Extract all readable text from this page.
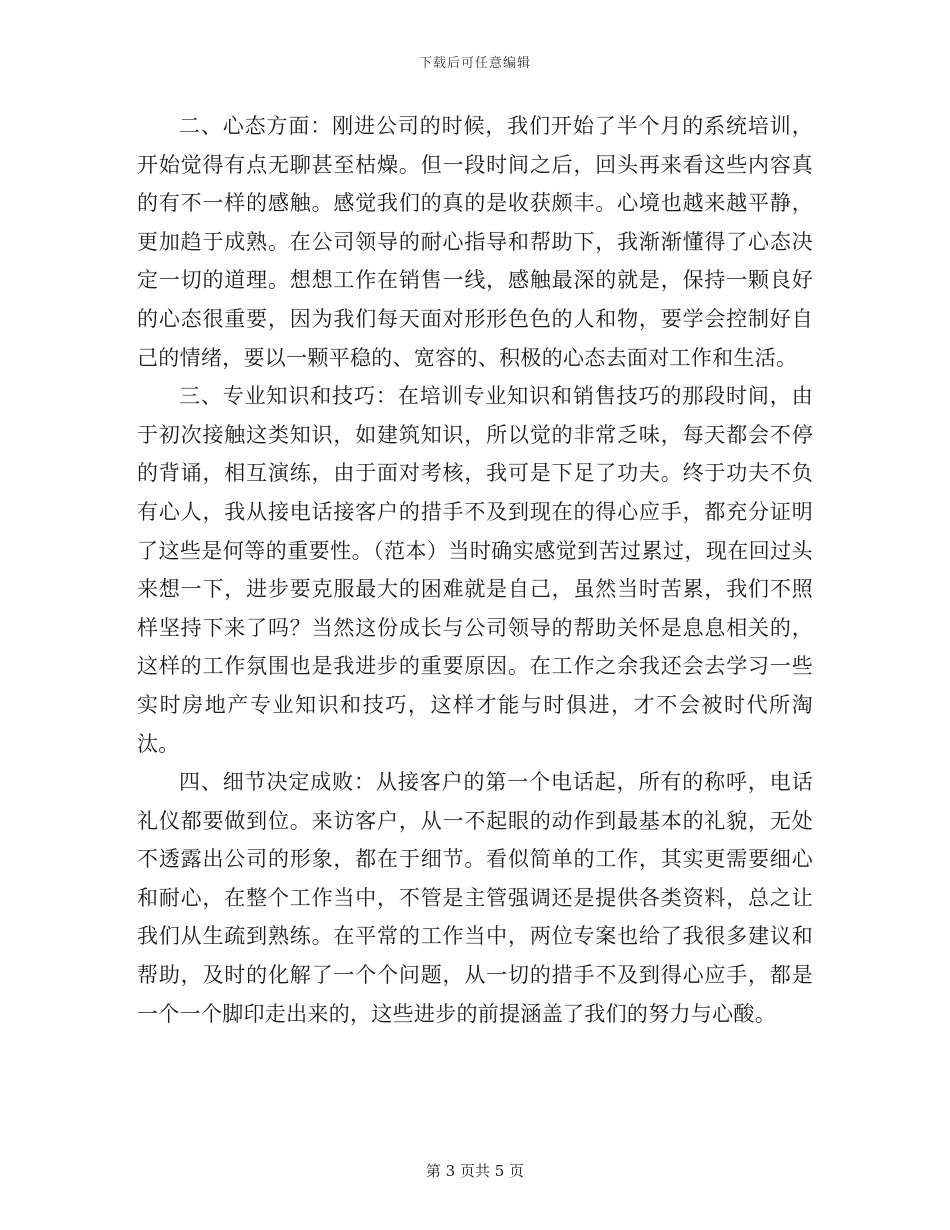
下载后可任意编辑

二、心态方面：刚进公司的时候，我们开始了半个月的系统培训，开始觉得有点无聊甚至枯燥。但一段时间之后，回头再来看这些内容真的有不一样的感触。感觉我们的真的是收获颇丰。心境也越来越平静，更加趋于成熟。在公司领导的耐心指导和帮助下，我渐渐懂得了心态决定一切的道理。想想工作在销售一线，感触最深的就是，保持一颗良好的心态很重要，因为我们每天面对形形色色的人和物，要学会控制好自己的情绪，要以一颗平稳的、宽容的、积极的心态去面对工作和生活。

三、专业知识和技巧：在培训专业知识和销售技巧的那段时间，由于初次接触这类知识，如建筑知识，所以觉的非常乏味，每天都会不停的背诵，相互演练，由于面对考核，我可是下足了功夫。终于功夫不负有心人，我从接电话接客户的措手不及到现在的得心应手，都充分证明了这些是何等的重要性。（范本）当时确实感觉到苦过累过，现在回过头来想一下，进步要克服最大的困难就是自己，虽然当时苦累，我们不照样坚持下来了吗？当然这份成长与公司领导的帮助关怀是息息相关的，这样的工作氛围也是我进步的重要原因。在工作之余我还会去学习一些实时房地产专业知识和技巧，这样才能与时俱进，才不会被时代所淘汰。

四、细节决定成败：从接客户的第一个电话起，所有的称呼，电话礼仪都要做到位。来访客户，从一不起眼的动作到最基本的礼貌，无处不透露出公司的形象，都在于细节。看似简单的工作，其实更需要细心和耐心，在整个工作当中，不管是主管强调还是提供各类资料，总之让我们从生疏到熟练。在平常的工作当中，两位专案也给了我很多建议和帮助，及时的化解了一个个问题，从一切的措手不及到得心应手，都是一个一个脚印走出来的，这些进步的前提涵盖了我们的努力与心酸。

第 3 页共 5 页
